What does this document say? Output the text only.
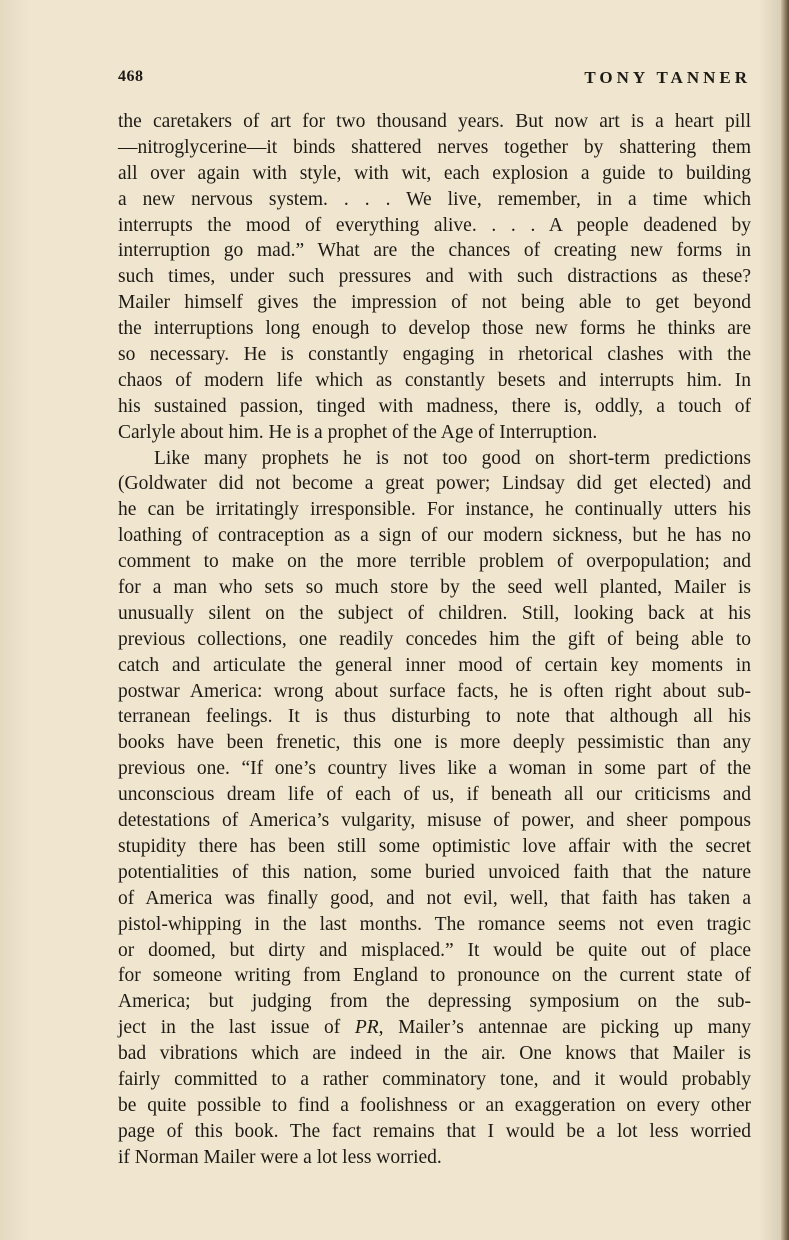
468	TONY TANNER
the caretakers of art for two thousand years. But now art is a heart pill
—nitroglycerine—it binds shattered nerves together by shattering them
all over again with style, with wit, each explosion a guide to building
a new nervous system. . . . We live, remember, in a time which
interrupts the mood of everything alive. . . . A people deadened by
interruption go mad.” What are the chances of creating new forms in
such times, under such pressures and with such distractions as these?
Mailer himself gives the impression of not being able to get beyond
the interruptions long enough to develop those new forms he thinks are
so necessary. He is constantly engaging in rhetorical clashes with the
chaos of modern life which as constantly besets and interrupts him. In
his sustained passion, tinged with madness, there is, oddly, a touch of
Carlyle about him. He is a prophet of the Age of Interruption.
Like many prophets he is not too good on short-term predictions
(Goldwater did not become a great power; Lindsay did get elected) and
he can be irritatingly irresponsible. For instance, he continually utters his
loathing of contraception as a sign of our modern sickness, but he has no
comment to make on the more terrible problem of overpopulation; and
for a man who sets so much store by the seed well planted, Mailer is
unusually silent on the subject of children. Still, looking back at his
previous collections, one readily concedes him the gift of being able to
catch and articulate the general inner mood of certain key moments in
postwar America: wrong about surface facts, he is often right about sub-
terranean feelings. It is thus disturbing to note that although all his
books have been frenetic, this one is more deeply pessimistic than any
previous one. “If one’s country lives like a woman in some part of the
unconscious dream life of each of us, if beneath all our criticisms and
detestations of America’s vulgarity, misuse of power, and sheer pompous
stupidity there has been still some optimistic love affair with the secret
potentialities of this nation, some buried unvoiced faith that the nature
of America was finally good, and not evil, well, that faith has taken a
pistol-whipping in the last months. The romance seems not even tragic
or doomed, but dirty and misplaced.” It would be quite out of place
for someone writing from England to pronounce on the current state of
America; but judging from the depressing symposium on the sub-
ject in the last issue of PR, Mailer’s antennae are picking up many
bad vibrations which are indeed in the air. One knows that Mailer is
fairly committed to a rather comminatory tone, and it would probably
be quite possible to find a foolishness or an exaggeration on every other
page of this book. The fact remains that I would be a lot less worried
if Norman Mailer were a lot less worried.
